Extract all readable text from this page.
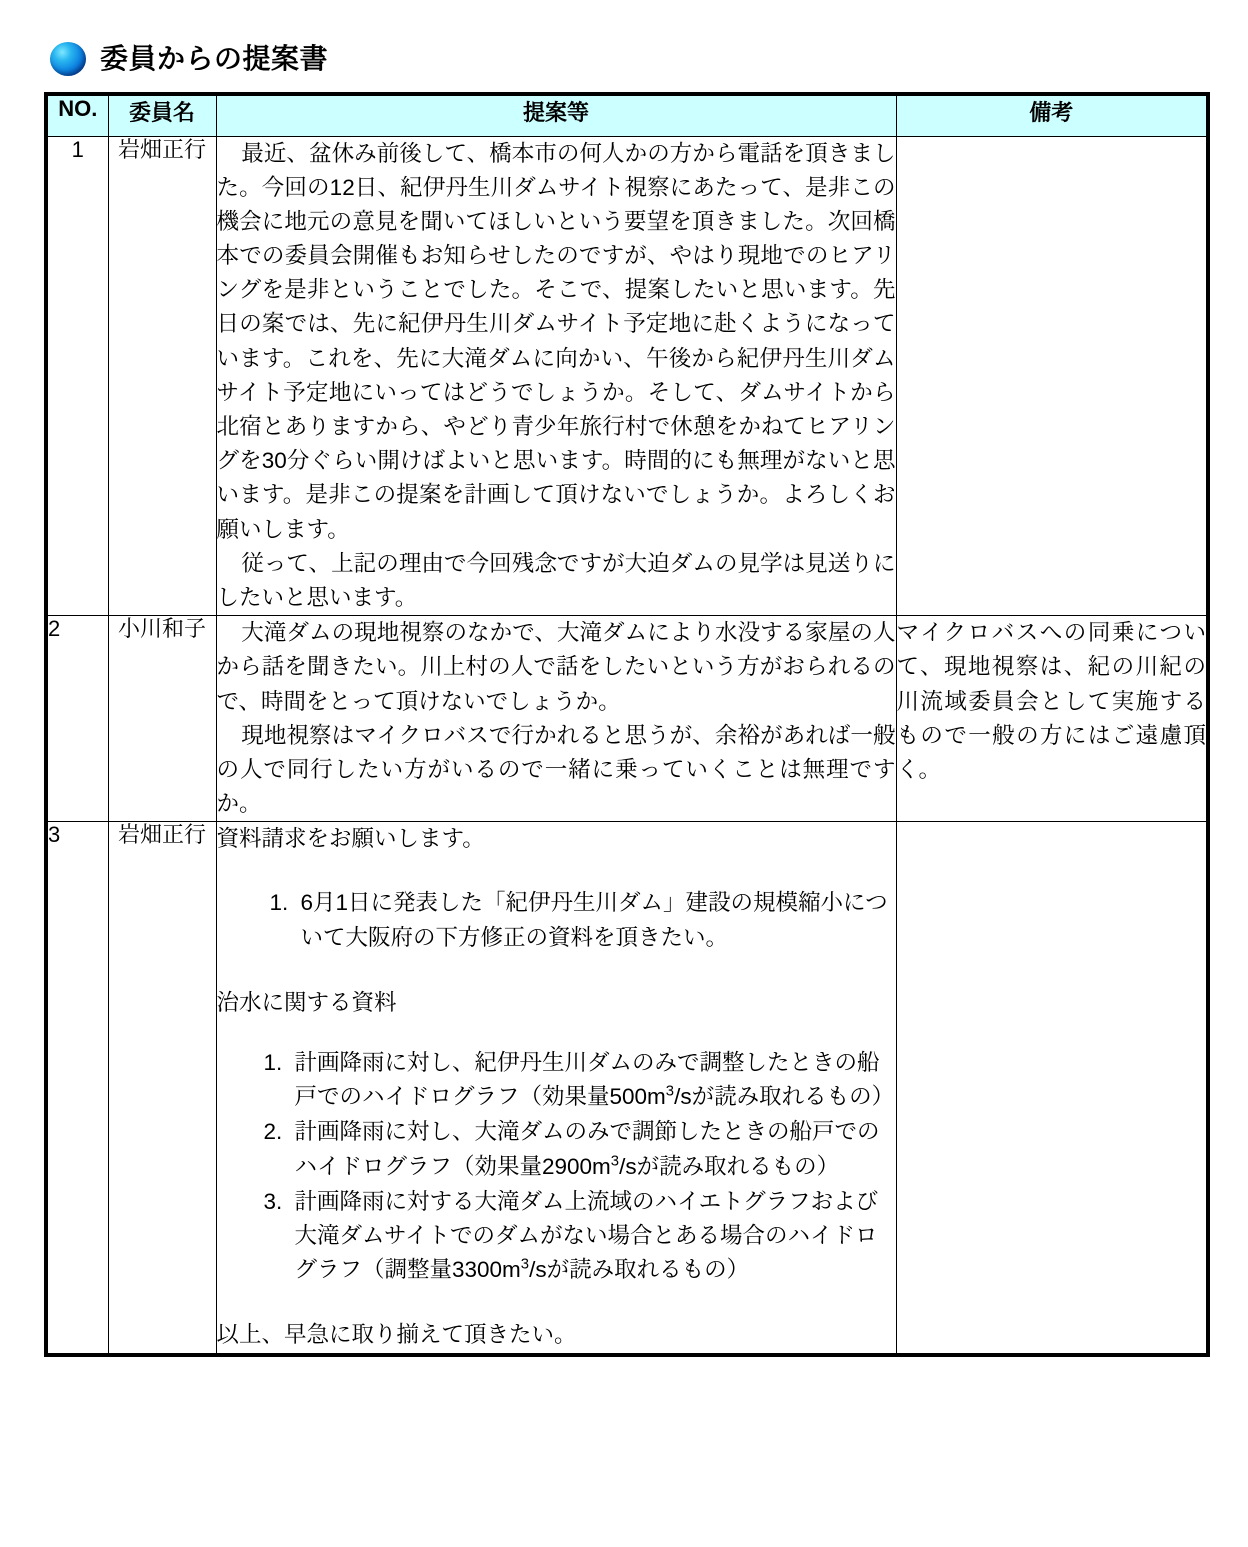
委員からの提案書
NO.	委員名	提案等	備考
1	岩畑正行	最近、盆休み前後して、橋本市の何人かの方から電話を頂きました。今回の12日、紀伊丹生川ダムサイト視察にあたって、是非この機会に地元の意見を聞いてほしいという要望を頂きました。次回橋本での委員会開催もお知らせしたのですが、やはり現地でのヒアリングを是非ということでした。そこで、提案したいと思います。先日の案では、先に紀伊丹生川ダムサイト予定地に赴くようになっています。これを、先に大滝ダムに向かい、午後から紀伊丹生川ダムサイト予定地にいってはどうでしょうか。そして、ダムサイトから北宿とありますから、やどり青少年旅行村で休憩をかねてヒアリングを30分ぐらい開けばよいと思います。時間的にも無理がないと思います。是非この提案を計画して頂けないでしょうか。よろしくお願いします。

従って、上記の理由で今回残念ですが大迫ダムの見学は見送りにしたいと思います。	

2	小川和子	大滝ダムの現地視察のなかで、大滝ダムにより水没する家屋の人から話を聞きたい。川上村の人で話をしたいという方がおられるので、時間をとって頂けないでしょうか。

現地視察はマイクロバスで行かれると思うが、余裕があれば一般の人で同行したい方がいるので一緒に乗っていくことは無理ですか。	マイクロバスへの同乗について、現地視察は、紀の川紀の川流域委員会として実施するもので一般の方にはご遠慮頂く。

3	岩畑正行	資料請求をお願いします。

1. 6月1日に発表した「紀伊丹生川ダム」建設の規模縮小について大阪府の下方修正の資料を頂きたい。

治水に関する資料

1. 計画降雨に対し、紀伊丹生川ダムのみで調整したときの船戸でのハイドログラフ（効果量$500m^3/s$が読み取れるもの）
2. 計画降雨に対し、大滝ダムのみで調節したときの船戸でのハイドログラフ（効果量$2900m^3/s$が読み取れるもの）
3. 計画降雨に対する大滝ダム上流域のハイエトグラフおよび大滝ダムサイトでのダムがない場合とある場合のハイドログラフ（調整量$3300m^3/s$が読み取れるもの）

以上、早急に取り揃えて頂きたい。
